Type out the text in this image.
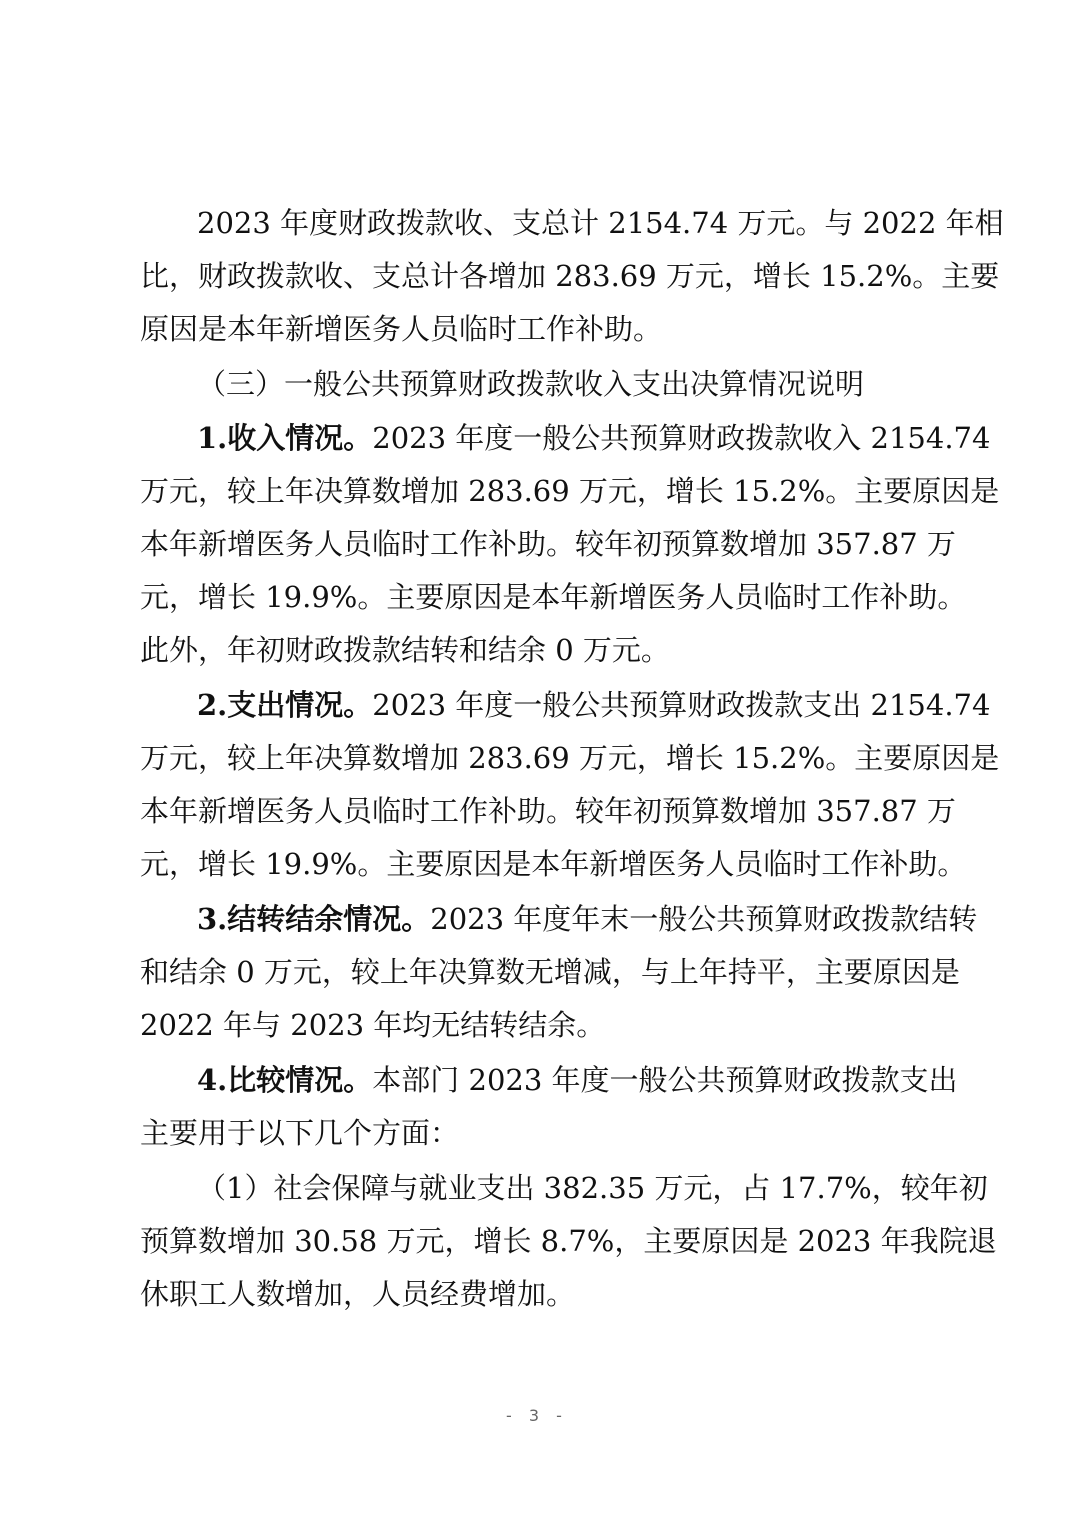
2023 年度财政拨款收、支总计 2154.74 万元。与 2022 年相
比，财政拨款收、支总计各增加 283.69 万元，增长 15.2%。主要
原因是本年新增医务人员临时工作补助。
（三）一般公共预算财政拨款收入支出决算情况说明
1.收入情况。2023 年度一般公共预算财政拨款收入 2154.74
万元，较上年决算数增加 283.69 万元，增长 15.2%。主要原因是
本年新增医务人员临时工作补助。较年初预算数增加 357.87 万
元，增长 19.9%。主要原因是本年新增医务人员临时工作补助。
此外，年初财政拨款结转和结余 0 万元。
2.支出情况。2023 年度一般公共预算财政拨款支出 2154.74
万元，较上年决算数增加 283.69 万元，增长 15.2%。主要原因是
本年新增医务人员临时工作补助。较年初预算数增加 357.87 万
元，增长 19.9%。主要原因是本年新增医务人员临时工作补助。
3.结转结余情况。2023 年度年末一般公共预算财政拨款结转
和结余 0 万元，较上年决算数无增减，与上年持平，主要原因是
2022 年与 2023 年均无结转结余。
4.比较情况。本部门 2023 年度一般公共预算财政拨款支出
主要用于以下几个方面：
（1）社会保障与就业支出 382.35 万元，占 17.7%，较年初
预算数增加 30.58 万元，增长 8.7%，主要原因是 2023 年我院退
休职工人数增加，人员经费增加。
- 3 -
